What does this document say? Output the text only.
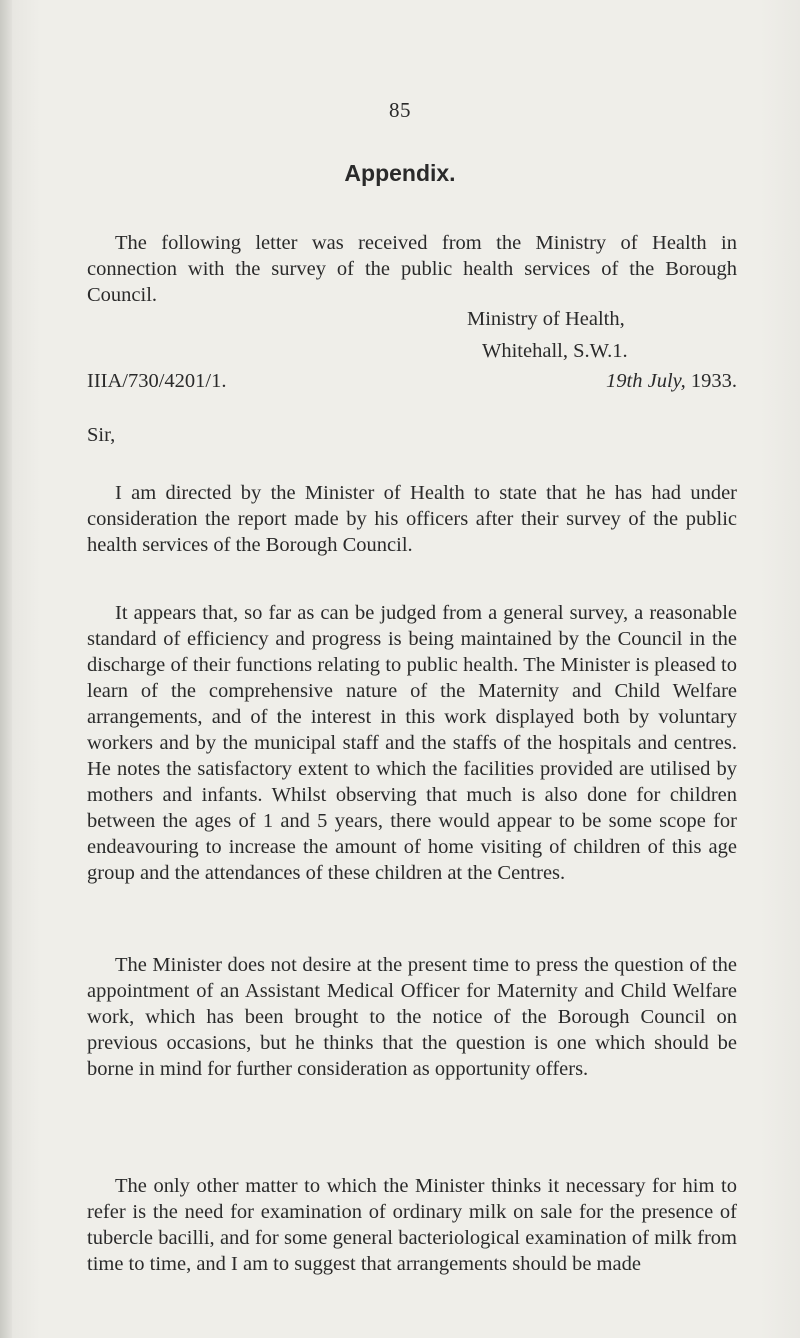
85
Appendix.

The following letter was received from the Ministry of Health in connection with the survey of the public health services of the Borough Council.

Ministry of Health,
Whitehall, S.W.1.
IIIA/730/4201/1.	19th July, 1933.
Sir,

I am directed by the Minister of Health to state that he has had under consideration the report made by his officers after their survey of the public health services of the Borough Council.

It appears that, so far as can be judged from a general survey, a reasonable standard of efficiency and progress is being maintained by the Council in the discharge of their functions relating to public health. The Minister is pleased to learn of the comprehensive nature of the Maternity and Child Welfare arrangements, and of the interest in this work displayed both by voluntary workers and by the municipal staff and the staffs of the hospitals and centres. He notes the satisfactory extent to which the facilities provided are utilised by mothers and infants. Whilst observing that much is also done for children between the ages of 1 and 5 years, there would appear to be some scope for endeavouring to increase the amount of home visiting of children of this age group and the attendances of these children at the Centres.

The Minister does not desire at the present time to press the question of the appointment of an Assistant Medical Officer for Maternity and Child Welfare work, which has been brought to the notice of the Borough Council on previous occasions, but he thinks that the question is one which should be borne in mind for further consideration as opportunity offers.

The only other matter to which the Minister thinks it necessary for him to refer is the need for examination of ordinary milk on sale for the presence of tubercle bacilli, and for some general bacteriological examination of milk from time to time, and I am to suggest that arrangements should be made
